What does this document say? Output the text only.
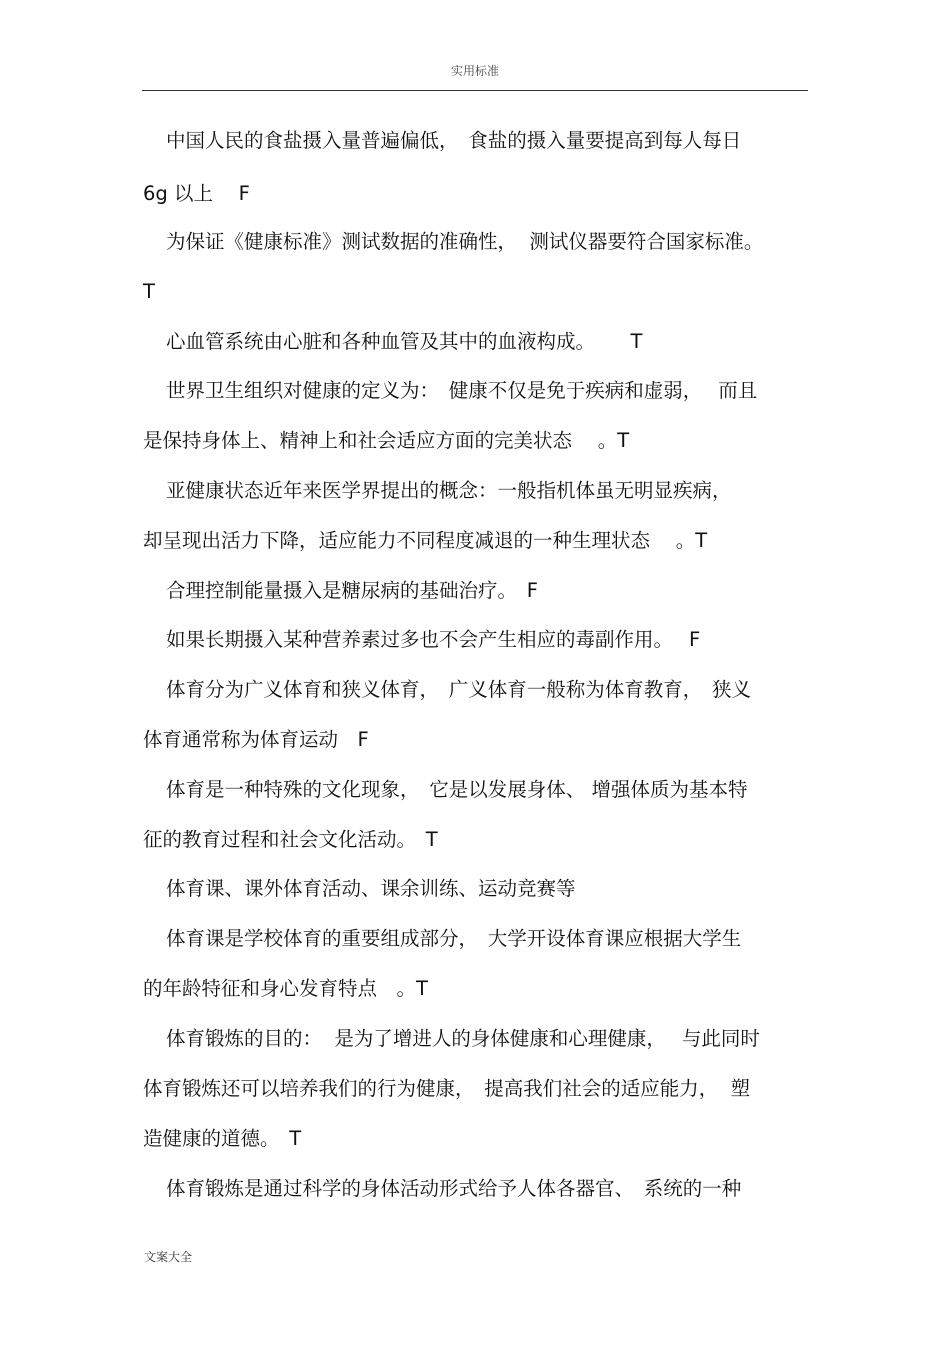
实用标准
中国人民的食盐摄入量普遍偏低，　食盐的摄入量要提高到每人每日
6g 以上　 F
为保证《健康标准》测试数据的准确性，  测试仪器要符合国家标准。
T
心血管系统由心脏和各种血管及其中的血液构成。　　 T
世界卫生组织对健康的定义为：　健康不仅是免于疾病和虚弱，　 而且
是保持身体上、精神上和社会适应方面的完美状态　 。T
亚健康状态近年来医学界提出的概念：一般指机体虽无明显疾病，
却呈现出活力下降，适应能力不同程度减退的一种生理状态　 。T
合理控制能量摄入是糖尿病的基础治疗。　F
如果长期摄入某种营养素过多也不会产生相应的毒副作用。　 F
体育分为广义体育和狭义体育，　广义体育一般称为体育教育，　狭义
体育通常称为体育运动　F
体育是一种特殊的文化现象，　它是以发展身体、 增强体质为基本特
征的教育过程和社会文化活动。　T
体育课、课外体育活动、课余训练、运动竞赛等
体育课是学校体育的重要组成部分，　大学开设体育课应根据大学生
的年龄特征和身心发育特点　。T
体育锻炼的目的：  是为了增进人的身体健康和心理健康，　 与此同时
体育锻炼还可以培养我们的行为健康，　提高我们社会的适应能力，  塑
造健康的道德。　T
体育锻炼是通过科学的身体活动形式给予人体各器官、　系统的一种
文案大全
